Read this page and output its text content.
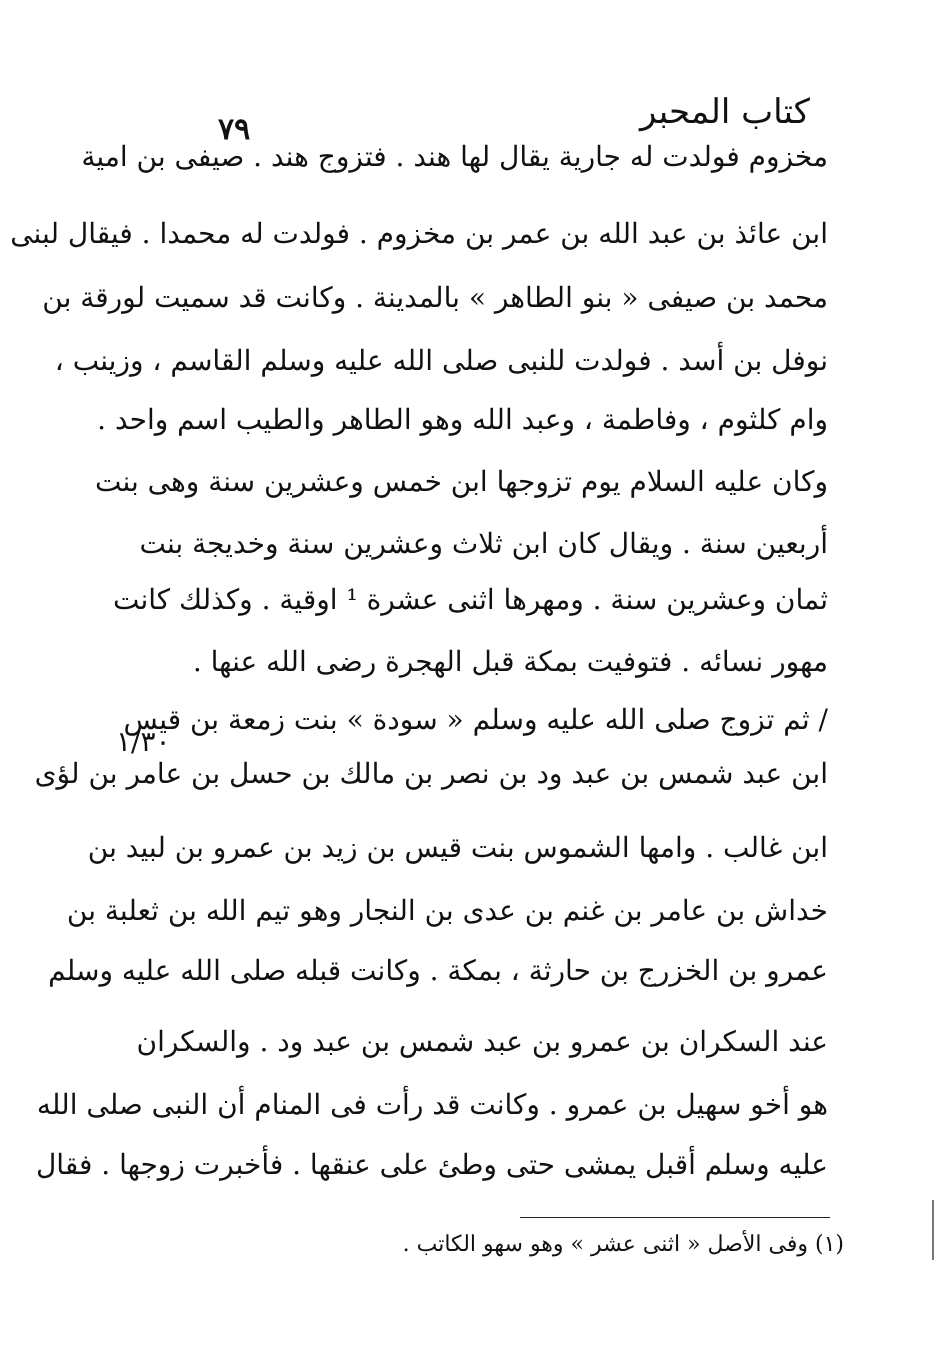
كتاب المحبر
٧٩
مخزوم فولدت له جارية يقال لها هند . فتزوج هند . صيفى بن امية
ابن عائذ بن عبد الله بن عمر بن مخزوم . فولدت له محمدا . فيقال لبنى
محمد بن صيفى « بنو الطاهر » بالمدينة . وكانت قد سميت لورقة بن
نوفل بن أسد . فولدت للنبى صلى الله عليه وسلم القاسم ، وزينب ،
وام كلثوم ، وفاطمة ، وعبد الله وهو الطاهر والطيب اسم واحد .
وكان عليه السلام يوم تزوجها ابن خمس وعشرين سنة وهى بنت
أربعين سنة . ويقال كان ابن ثلاث وعشرين سنة وخديجة بنت
ثمان وعشرين سنة . ومهرها اثنى عشرة ¹ اوقية . وكذلك كانت
مهور نسائه . فتوفيت بمكة قبل الهجرة رضى الله عنها .
/ ثم تزوج صلى الله عليه وسلم « سودة » بنت زمعة بن قيس
١/٣٠
ابن عبد شمس بن عبد ود بن نصر بن مالك بن حسل بن عامر بن لؤى
ابن غالب . وامها الشموس بنت قيس بن زيد بن عمرو بن لبيد بن
خداش بن عامر بن غنم بن عدى بن النجار وهو تيم الله بن ثعلبة بن
عمرو بن الخزرج بن حارثة ، بمكة . وكانت قبله صلى الله عليه وسلم
عند السكران بن عمرو بن عبد شمس بن عبد ود . والسكران
هو أخو سهيل بن عمرو . وكانت قد رأت فى المنام أن النبى صلى الله
عليه وسلم أقبل يمشى حتى وطئ على عنقها . فأخبرت زوجها . فقال
(١) وفى الأصل « اثنى عشر » وهو سهو الكاتب .
